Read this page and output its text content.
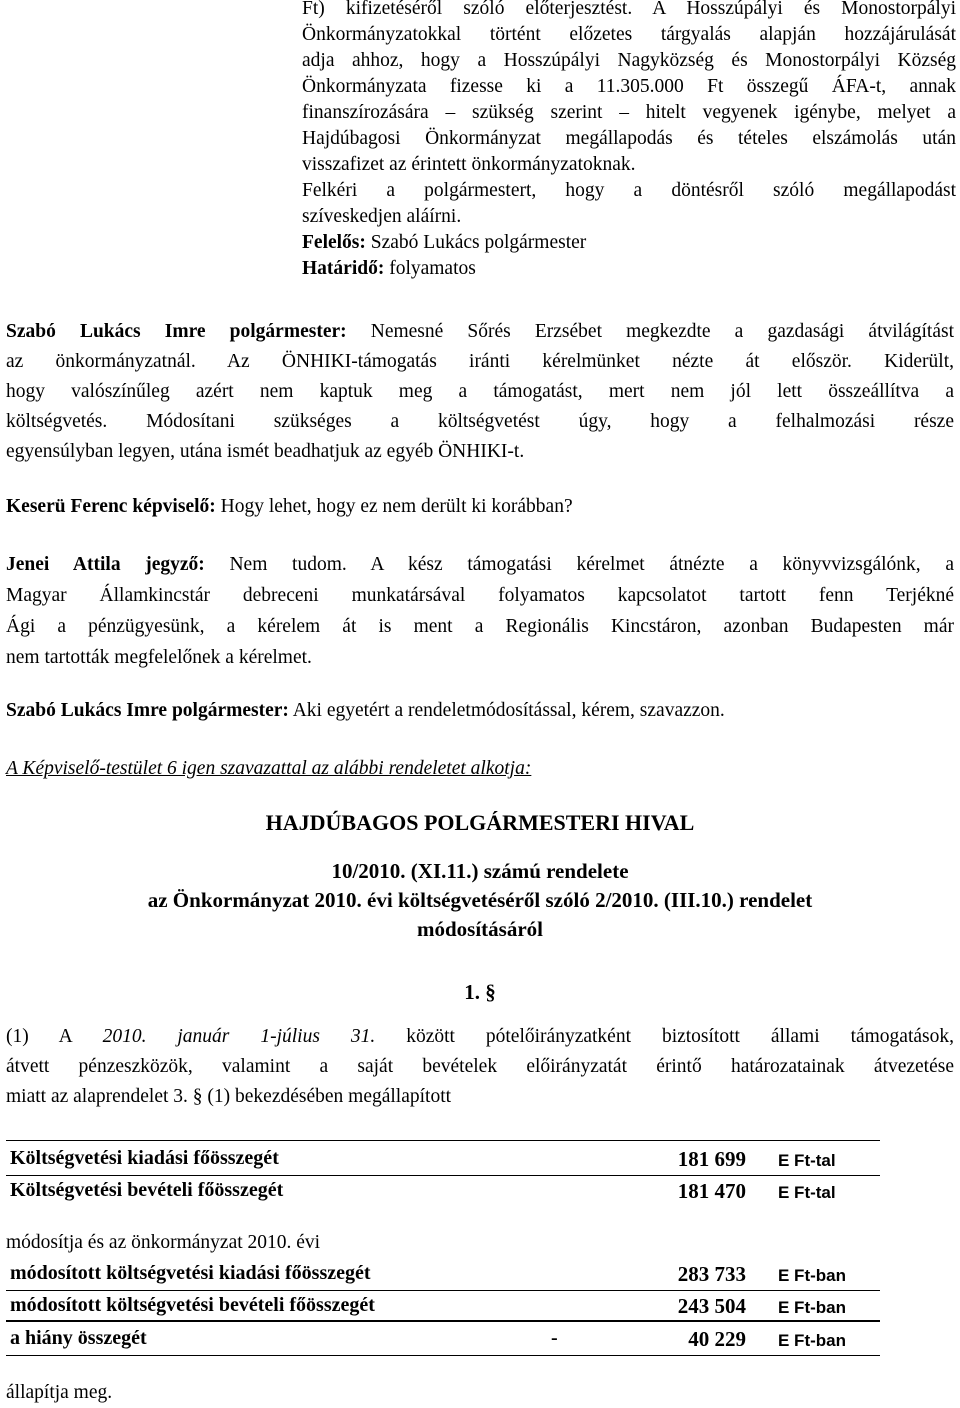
Ft) kifizetéséről szóló előterjesztést. A Hosszúpályi és Monostorpályi
Önkormányzatokkal történt előzetes tárgyalás alapján hozzájárulását
adja ahhoz, hogy a Hosszúpályi Nagyközség és Monostorpályi Község
Önkormányzata fizesse ki a 11.305.000 Ft összegű ÁFA-t, annak
finanszírozására – szükség szerint – hitelt vegyenek igénybe, melyet a
Hajdúbagosi Önkormányzat megállapodás és tételes elszámolás után
visszafizet az érintett önkormányzatoknak.
Felkéri a polgármestert, hogy a döntésről szóló megállapodást
szíveskedjen aláírni.
Felelős: Szabó Lukács polgármester
Határidő: folyamatos
Szabó Lukács Imre polgármester: Nemesné Sőrés Erzsébet megkezdte a gazdasági átvilágítást
az önkormányzatnál. Az ÖNHIKI-támogatás iránti kérelmünket nézte át először. Kiderült,
hogy valószínűleg azért nem kaptuk meg a támogatást, mert nem jól lett összeállítva a
költségvetés. Módosítani szükséges a költségvetést úgy, hogy a felhalmozási része
egyensúlyban legyen, utána ismét beadhatjuk az egyéb ÖNHIKI-t.
Keserü Ferenc képviselő: Hogy lehet, hogy ez nem derült ki korábban?
Jenei Attila jegyző: Nem tudom. A kész támogatási kérelmet átnézte a könyvvizsgálónk, a
Magyar Államkincstár debreceni munkatársával folyamatos kapcsolatot tartott fenn Terjékné
Ági a pénzügyesünk, a kérelem át is ment a Regionális Kincstáron, azonban Budapesten már
nem tartották megfelelőnek a kérelmet.
Szabó Lukács Imre polgármester: Aki egyetért a rendeletmódosítással, kérem, szavazzon.
A Képviselő-testület 6 igen szavazattal az alábbi rendeletet alkotja:
HAJDÚBAGOS POLGÁRMESTERI HIVAL
10/2010. (XI.11.) számú rendelete
az Önkormányzat 2010. évi költségvetéséről szóló 2/2010. (III.10.) rendelet
módosításáról
1. §
(1) A 2010. január 1-július 31. között pótelőirányzatként biztosított állami támogatások,
átvett pénzeszközök, valamint a saját bevételek előirányzatát érintő határozatainak átvezetése
miatt az alaprendelet 3. § (1) bekezdésében megállapított
Költségvetési kiadási főösszegét	181 699 E Ft-tal
Költségvetési bevételi főösszegét	181 470 E Ft-tal
módosítja és az önkormányzat 2010. évi
módosított költségvetési kiadási főösszegét	283 733 E Ft-ban
módosított költségvetési bevételi főösszegét	243 504 E Ft-ban
a hiány összegét	-	40 229 E Ft-ban
állapítja meg.
